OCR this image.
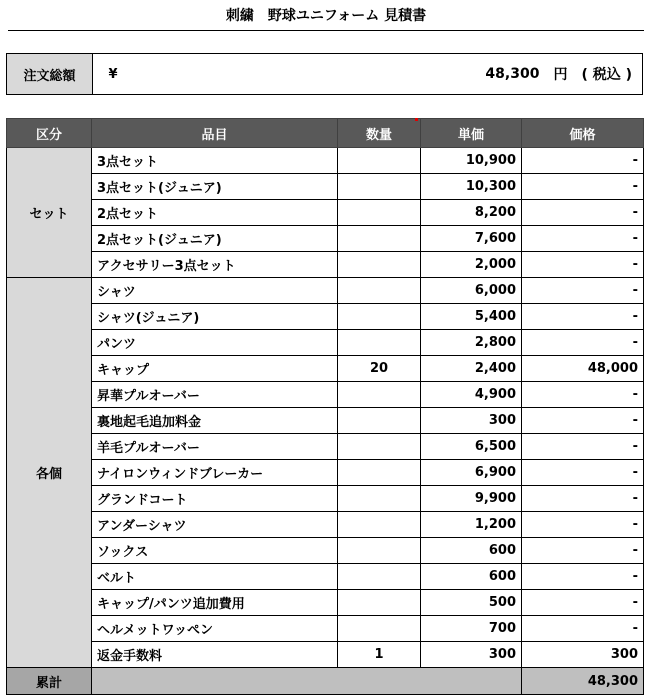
刺繍　野球ユニフォーム 見積書
注文総額	¥	48,300 円 ( 税込 )
区分	品目	数量	単価	価格
セット	3点セット		10,900	-
	3点セット(ジュニア)		10,300	-
	2点セット		8,200	-
	2点セット(ジュニア)		7,600	-
	アクセサリー3点セット		2,000	-
各個	シャツ		6,000	-
	シャツ(ジュニア)		5,400	-
	パンツ		2,800	-
	キャップ	20	2,400	48,000
	昇華プルオーバー		4,900	-
	裏地起毛追加料金		300	-
	羊毛プルオーバー		6,500	-
	ナイロンウィンドブレーカー		6,900	-
	グランドコート		9,900	-
	アンダーシャツ		1,200	-
	ソックス		600	-
	ベルト		600	-
	キャップ/パンツ追加費用		500	-
	ヘルメットワッペン		700	-
	返金手数料	1	300	300
累計				48,300
